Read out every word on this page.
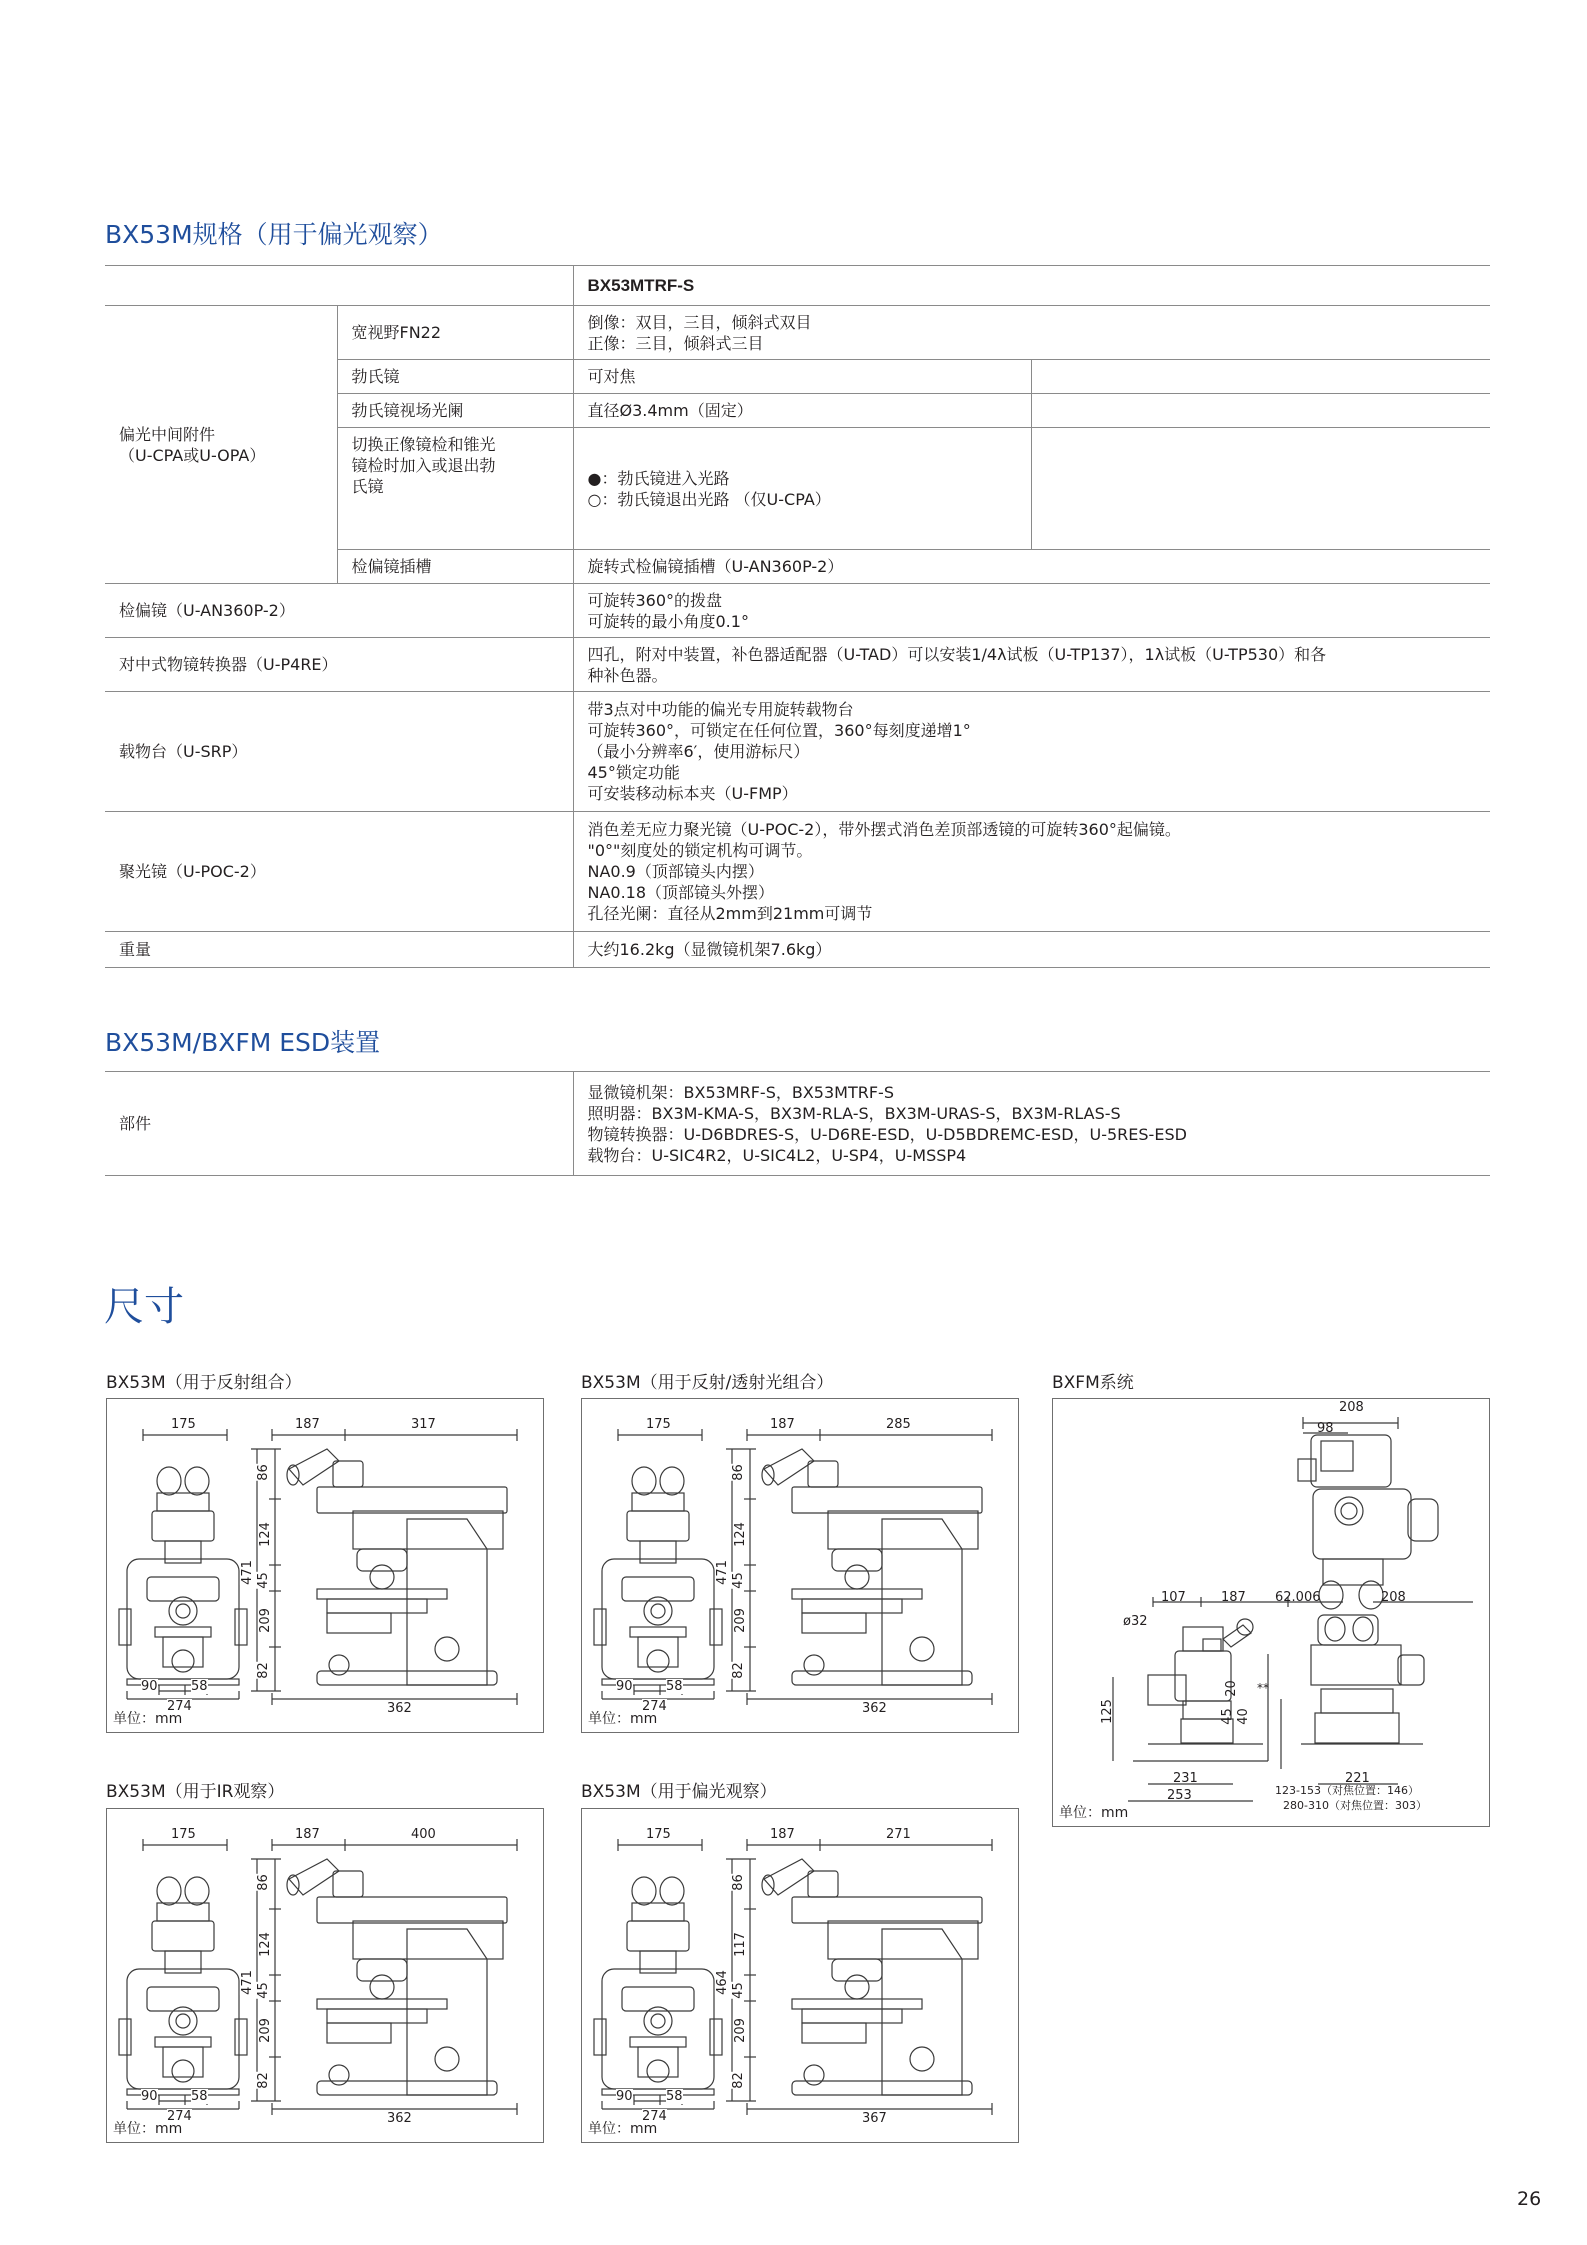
BX53M规格（用于偏光观察）
		BX53MTRF-S	

偏光中间附件
（U-CPA或U-OPA）	宽视野FN22	倒像：双目，三目，倾斜式双目
正像：三目，倾斜式三目	

	勃氏镜	可对焦	
	勃氏镜视场光阑	直径Ø3.4mm（固定）	

	切换正像镜检和锥光
镜检时加入或退出勃
氏镜	●：勃氏镜进入光路
○：勃氏镜退出光路 （仅U-CPA）	

	检偏镜插槽	旋转式检偏镜插槽（U-AN360P-2）	
检偏镜（U-AN360P-2）		可旋转360°的拨盘
可旋转的最小角度0.1°	

对中式物镜转换器（U-P4RE）		四孔，附对中装置，补色器适配器（U-TAD）可以安装1/4λ试板（U-TP137），1λ试板（U-TP530）和各
种补色器。	

载物台（U-SRP）		带3点对中功能的偏光专用旋转载物台
可旋转360°，可锁定在任何位置，360°每刻度递增1°
（最小分辨率6′，使用游标尺）
45°锁定功能
可安装移动标本夹（U-FMP）	

聚光镜（U-POC-2）		消色差无应力聚光镜（U-POC-2），带外摆式消色差顶部透镜的可旋转360°起偏镜。
"0°"刻度处的锁定机构可调节。
NA0.9（顶部镜头内摆）
NA0.18（顶部镜头外摆）
孔径光阑：直径从2mm到21mm可调节	

重量		大约16.2kg（显微镜机架7.6kg）	
BX53M/BXFM ESD装置
部件	
显微镜机架：BX53MRF-S，BX53MTRF-S
照明器：BX3M-KMA-S，BX3M-RLA-S，BX3M-URAS-S，BX3M-RLAS-S
物镜转换器：U-D6BDRES-S，U-D6RE-ESD，U-D5BDREMC-ESD，U-5RES-ESD
载物台：U-SIC4R2，U-SIC4L2，U-SP4，U-MSSP4
尺寸
BX53M（用于反射组合）
175
90	58
274
187	317
362
471
86
124
45
209
82
单位：mm
BX53M（用于反射/透射光组合）
175
90	58
274
187	285
362
471
86
124
45
209
82
单位：mm
BX53M（用于IR观察）
175
90	58
274
187	400
362
471
86
124
45
209
82
单位：mm
BX53M（用于偏光观察）
175
90	58
274
187	271
367
464
86
117
45
209
82
单位：mm
BXFM系统
208
98
107	187 62.006	208
ø32
125
20
45 40
**
231
253
221
123-153（对焦位置：146）
280-310（对焦位置：303）
单位：mm
26
